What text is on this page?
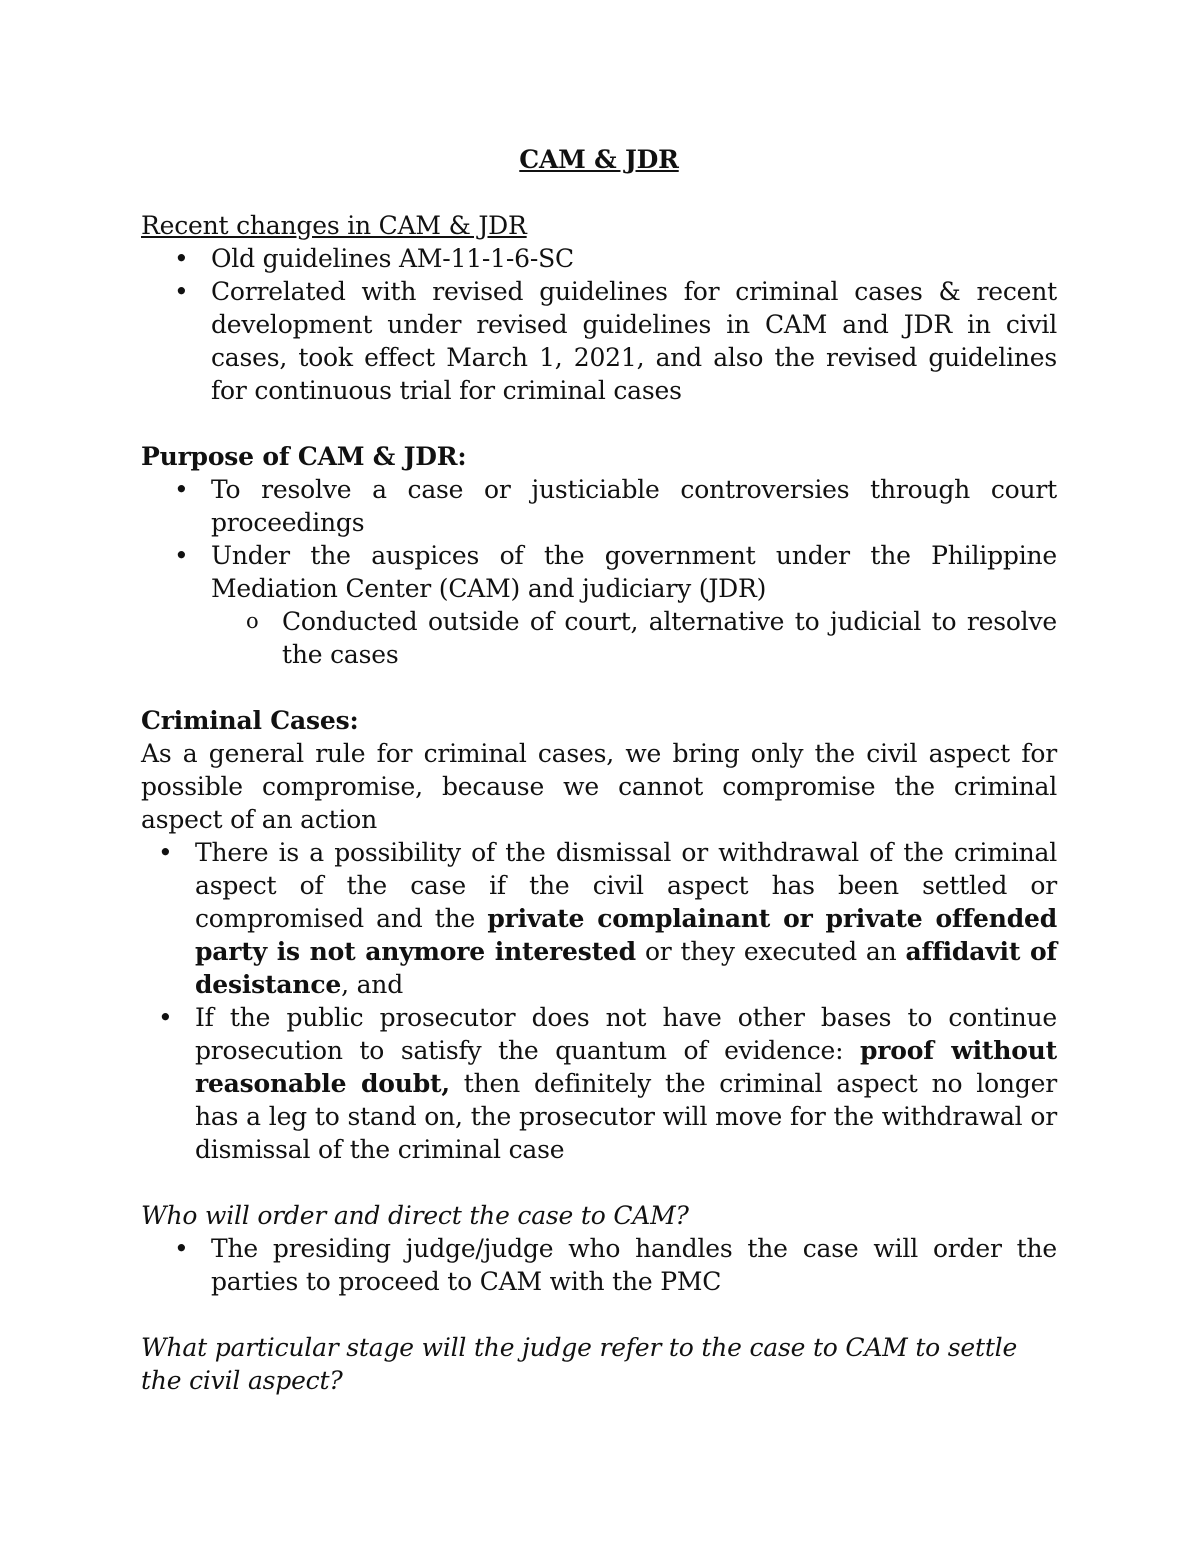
CAM & JDR
Recent changes in CAM & JDR
• Old guidelines AM-11-1-6-SC
• Correlated with revised guidelines for criminal cases & recent development under revised guidelines in CAM and JDR in civil cases, took effect March 1, 2021, and also the revised guidelines for continuous trial for criminal cases
Purpose of CAM & JDR:
• To resolve a case or justiciable controversies through court proceedings
• Under the auspices of the government under the Philippine Mediation Center (CAM) and judiciary (JDR)
o Conducted outside of court, alternative to judicial to resolve the cases
Criminal Cases:
As a general rule for criminal cases, we bring only the civil aspect for possible compromise, because we cannot compromise the criminal aspect of an action
• There is a possibility of the dismissal or withdrawal of the criminal aspect of the case if the civil aspect has been settled or compromised and the private complainant or private offended party is not anymore interested or they executed an affidavit of desistance, and
• If the public prosecutor does not have other bases to continue prosecution to satisfy the quantum of evidence: proof without reasonable doubt, then definitely the criminal aspect no longer has a leg to stand on, the prosecutor will move for the withdrawal or dismissal of the criminal case
Who will order and direct the case to CAM?
• The presiding judge/judge who handles the case will order the parties to proceed to CAM with the PMC
What particular stage will the judge refer to the case to CAM to settle the civil aspect?
